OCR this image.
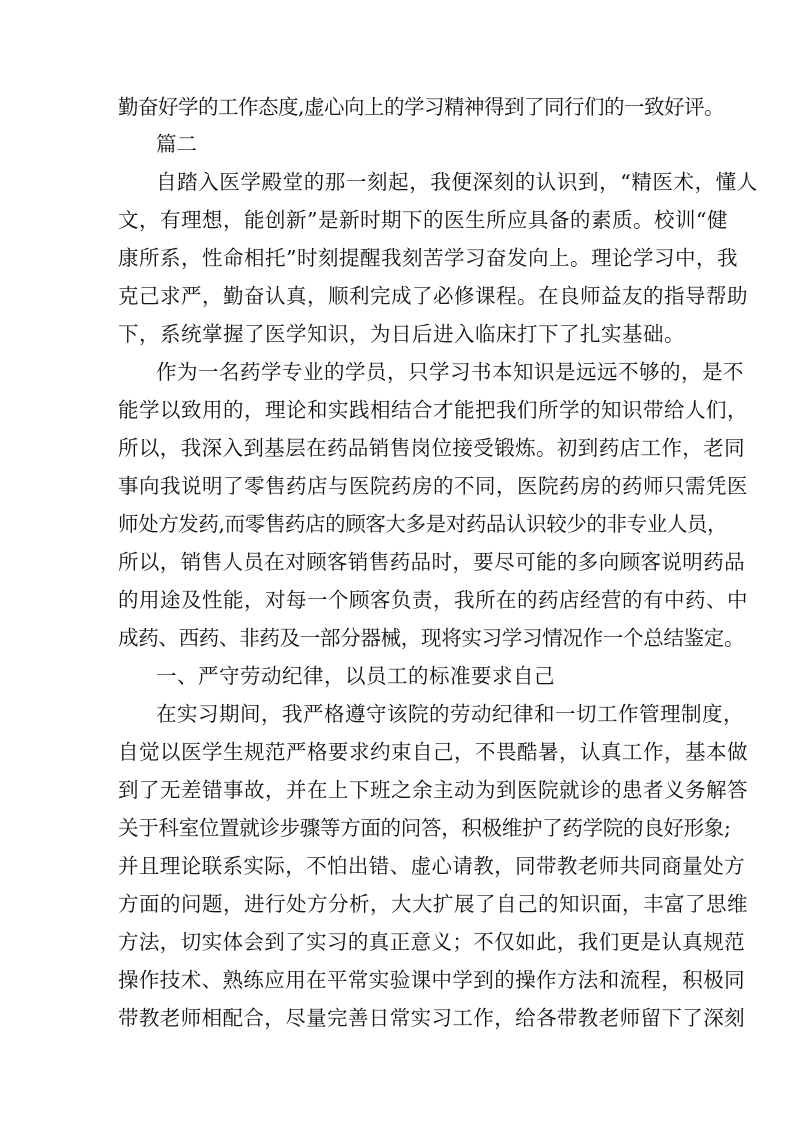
勤奋好学的工作态度,虚心向上的学习精神得到了同行们的一致好评。
篇二
自踏入医学殿堂的那一刻起，我便深刻的认识到，“精医术，懂人
文，有理想，能创新”是新时期下的医生所应具备的素质。校训“健
康所系，性命相托”时刻提醒我刻苦学习奋发向上。理论学习中，我
克己求严，勤奋认真，顺利完成了必修课程。在良师益友的指导帮助
下，系统掌握了医学知识，为日后进入临床打下了扎实基础。
作为一名药学专业的学员，只学习书本知识是远远不够的，是不
能学以致用的，理论和实践相结合才能把我们所学的知识带给人们，
所以，我深入到基层在药品销售岗位接受锻炼。初到药店工作，老同
事向我说明了零售药店与医院药房的不同，医院药房的药师只需凭医
师处方发药,而零售药店的顾客大多是对药品认识较少的非专业人员，
所以，销售人员在对顾客销售药品时，要尽可能的多向顾客说明药品
的用途及性能，对每一个顾客负责，我所在的药店经营的有中药、中
成药、西药、非药及一部分器械，现将实习学习情况作一个总结鉴定。
一、严守劳动纪律，以员工的标准要求自己
在实习期间，我严格遵守该院的劳动纪律和一切工作管理制度，
自觉以医学生规范严格要求约束自己，不畏酷暑，认真工作，基本做
到了无差错事故，并在上下班之余主动为到医院就诊的患者义务解答
关于科室位置就诊步骤等方面的问答，积极维护了药学院的良好形象;
并且理论联系实际，不怕出错、虚心请教，同带教老师共同商量处方
方面的问题，进行处方分析，大大扩展了自己的知识面，丰富了思维
方法，切实体会到了实习的真正意义；不仅如此，我们更是认真规范
操作技术、熟练应用在平常实验课中学到的操作方法和流程，积极同
带教老师相配合，尽量完善日常实习工作，给各带教老师留下了深刻
